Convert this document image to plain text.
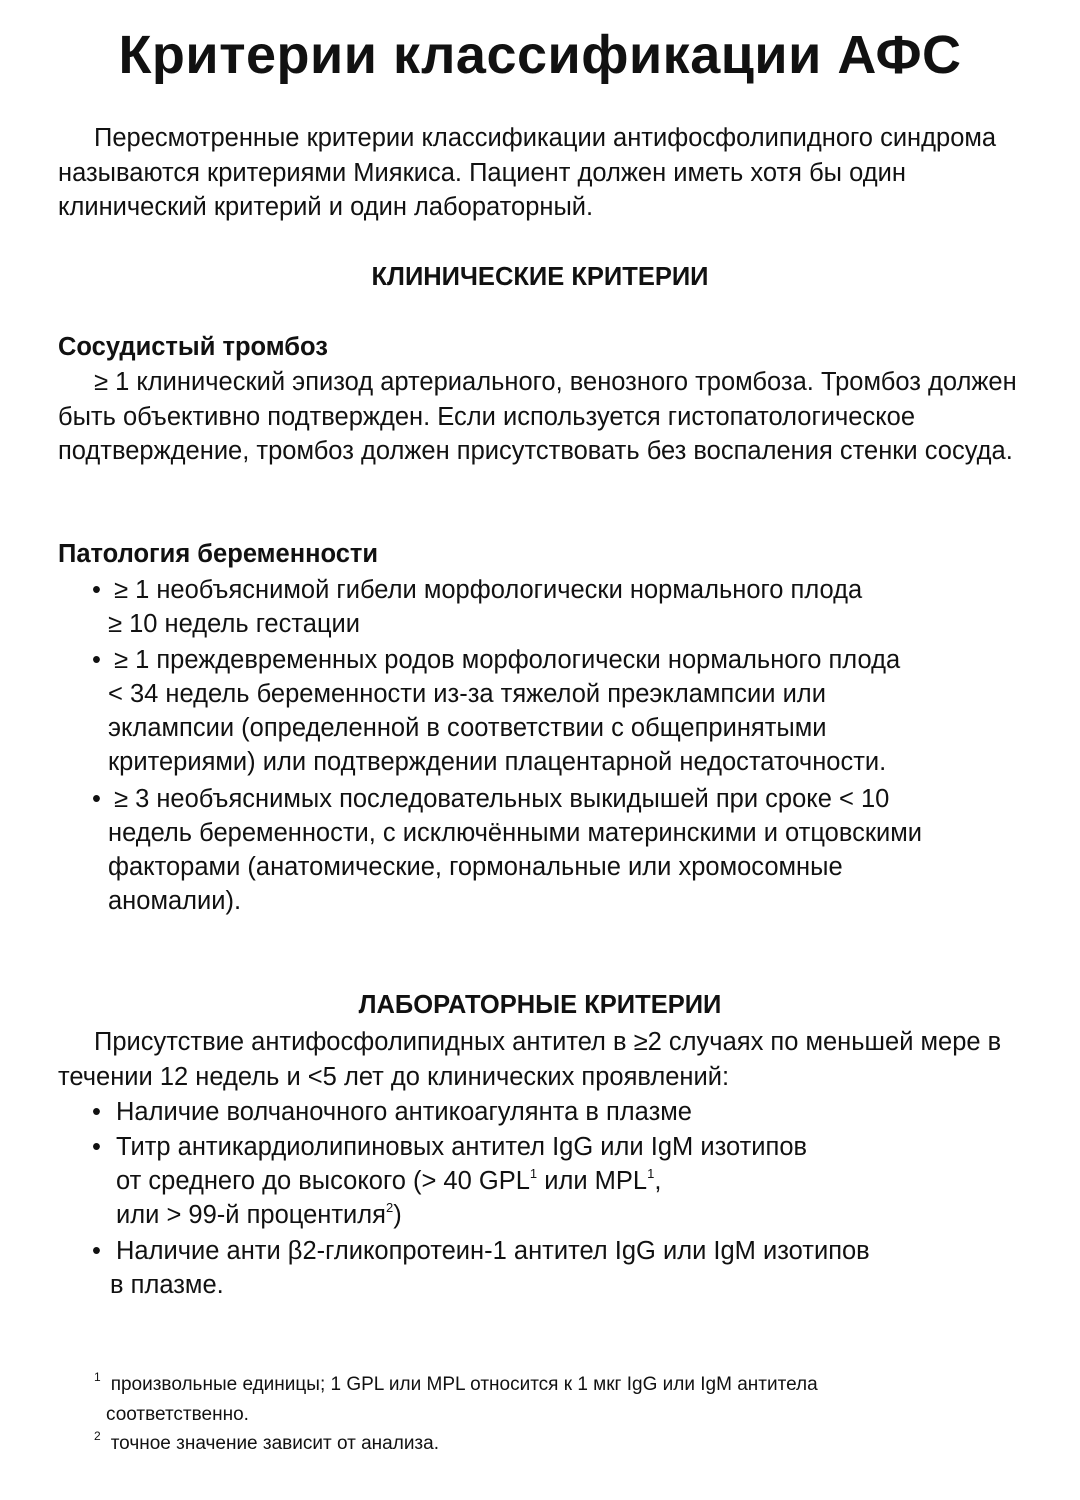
Критерии классификации АФС

Пересмотренные критерии классификации антифосфолипидного синдрома называются критериями Миякиса. Пациент должен иметь хотя бы один клинический критерий и один лабораторный.

КЛИНИЧЕСКИЕ КРИТЕРИИ
Сосудистый тромбоз

≥ 1 клинический эпизод артериального, венозного тромбоза. Тромбоз должен быть объективно подтвержден. Если используется гистопатологическое подтверждение, тромбоз должен присутствовать без воспаления стенки сосуда.

Патология беременности
• ≥ 1 необъяснимой гибели морфологически нормального плода
≥ 10 недель гестации
• ≥ 1 преждевременных родов морфологически нормального плода
< 34 недель беременности из-за тяжелой преэклампсии или
эклампсии (определенной в соответствии с общепринятыми
критериями) или подтверждении плацентарной недостаточности.
• ≥ 3 необъяснимых последовательных выкидышей при сроке < 10
недель беременности, с исключёнными материнскими и отцовскими
факторами (анатомические, гормональные или хромосомные
аномалии).
ЛАБОРАТОРНЫЕ КРИТЕРИИ

Присутствие антифосфолипидных антител в ≥2 случаях по меньшей мере в течении 12 недель и <5 лет до клинических проявлений:

• Наличие волчаночного антикоагулянта в плазме
• Титр антикардиолипиновых антител IgG или IgM изотипов
от среднего до высокого (> 40 GPL$^1$ или MPL$^1$,
или > 99-й процентиля$^2$)
• Наличие анти β2-гликопротеин-1 антител IgG или IgM изотипов
в плазме.
$^1$ произвольные единицы; 1 GPL или MPL относится к 1 мкг IgG или IgM антитела
соответственно.
$^2$ точное значение зависит от анализа.
